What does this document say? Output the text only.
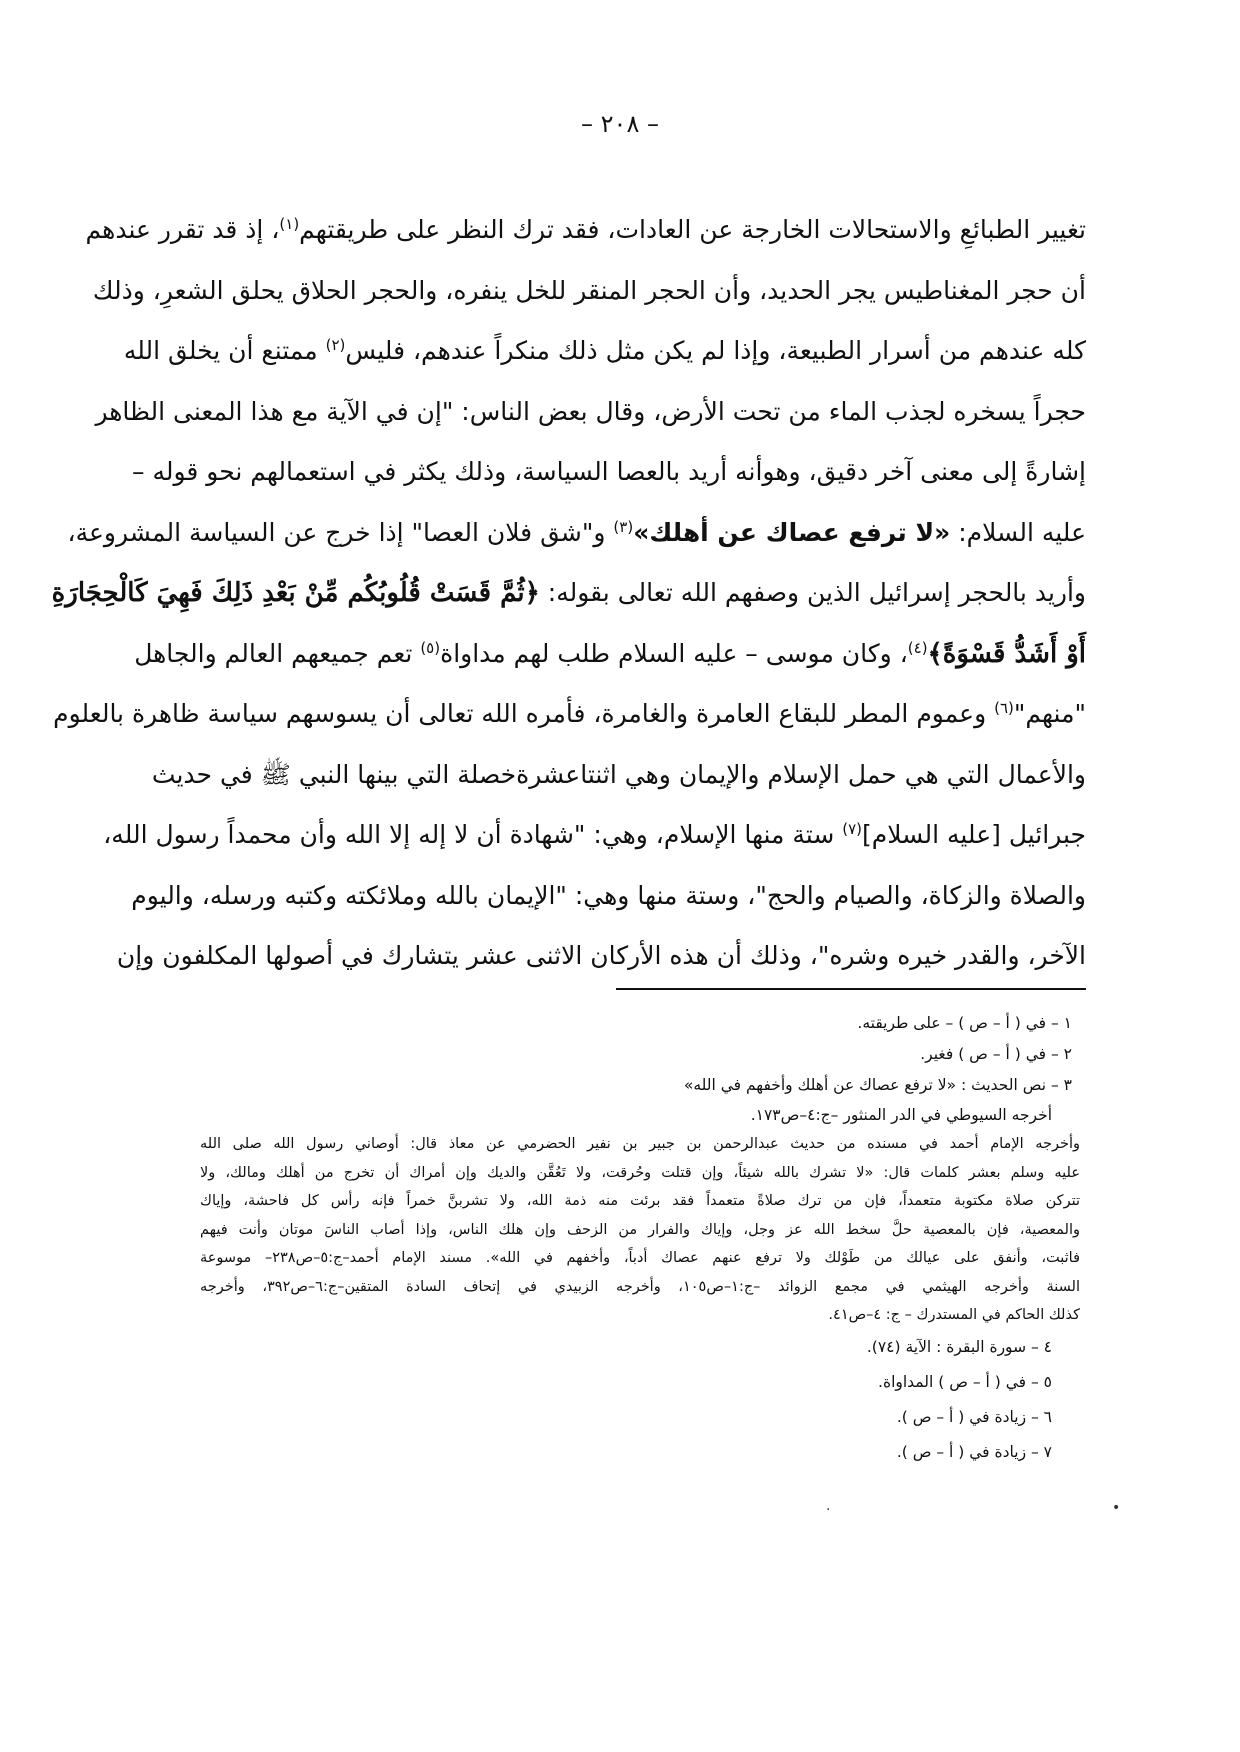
– ٢٠٨ –
تغيير الطبائعِ والاستحالات الخارجة عن العادات، فقد ترك النظر على طريقتهم$^{(١)}$، إذ قد تقرر عندهم
أن حجر المغناطيس يجر الحديد، وأن الحجر المنقر للخل ينفره، والحجر الحلاق يحلق الشعرِ، وذلك
كله عندهم من أسرار الطبيعة، وإذا لم يكن مثل ذلك منكراً عندهم، فليس$^{(٢)}$ ممتنع أن يخلق الله
حجراً يسخره لجذب الماء من تحت الأرض، وقال بعض الناس: "إن في الآية مع هذا المعنى الظاهر
إشارةً إلى معنى آخر دقيق، وهوأنه أريد بالعصا السياسة، وذلك يكثر في استعمالهم نحو قوله –
عليه السلام: «لا ترفع عصاك عن أهلك»$^{(٣)}$ و"شق فلان العصا" إذا خرج عن السياسة المشروعة،
وأريد بالحجر إسرائيل الذين وصفهم الله تعالى بقوله: ﴿ثُمَّ قَسَتْ قُلُوبُكُم مِّنْ بَعْدِ ذَلِكَ فَهِيَ كَالْحِجَارَةِ
أَوْ أَشَدُّ قَسْوَةً﴾$^{(٤)}$، وكان موسى – عليه السلام طلب لهم مداواة$^{(٥)}$ تعم جميعهم العالم والجاهل
"منهم"$^{(٦)}$ وعموم المطر للبقاع العامرة والغامرة، فأمره الله تعالى أن يسوسهم سياسة ظاهرة بالعلوم
والأعمال التي هي حمل الإسلام والإيمان وهي اثنتاعشرةخصلة التي بينها النبي ﷺ في حديث
جبرائيل [عليه السلام]$^{(٧)}$ ستة منها الإسلام، وهي: "شهادة أن لا إله إلا الله وأن محمداً رسول الله،
والصلاة والزكاة، والصيام والحج"، وستة منها وهي: "الإيمان بالله وملائكته وكتبه ورسله، واليوم
الآخر، والقدر خيره وشره"، وذلك أن هذه الأركان الاثنى عشر يتشارك في أصولها المكلفون وإن
١ – في ( أ – ص ) – على طريقته.
٢ – في ( أ – ص ) فغير.
٣ – نص الحديث : «لا ترفع عصاك عن أهلك وأخفهم في الله»
أخرجه السيوطي في الدر المنثور –ج:٤–ص١٧٣.
وأخرجه الإمام أحمد في مسنده من حديث عبدالرحمن بن جبير بن نفير الحضرمي عن معاذ قال: أوصاني رسول الله صلى الله
عليه وسلم بعشر كلمات قال: «لا تشرك بالله شيئاً، وإن قتلت وحُرقت، ولا تَعُقَّن والديك وإن أمراك أن تخرج من أهلك ومالك، ولا
تتركن صلاة مكتوبة متعمداً، فإن من ترك صلاةً متعمداً فقد برئت منه ذمة الله، ولا تشربنَّ خمراً فإنه رأس كل فاحشة، وإياك
والمعصية، فإن بالمعصية حلَّ سخط الله عز وجل، وإياك والفرار من الزحف وإن هلك الناس، وإذا أصاب الناسَ موتان وأنت فيهم
فاثبت، وأنفق على عيالك من طَوْلك ولا ترفع عنهم عصاك أدباً، وأخفهم في الله». مسند الإمام أحمد–ج:٥–ص٢٣٨– موسوعة
السنة وأخرجه الهيثمي في مجمع الزوائد –ج:١–ص١٠٥، وأخرجه الزبيدي في إتحاف السادة المتقين–ج:٦–ص٣٩٢، وأخرجه
كذلك الحاكم في المستدرك – ج: ٤–ص٤١.
٤ – سورة البقرة : الآية (٧٤).
٥ – في ( أ – ص ) المداواة.
٦ – زيادة في ( أ – ص ).
٧ – زيادة في ( أ – ص ).
•
·
